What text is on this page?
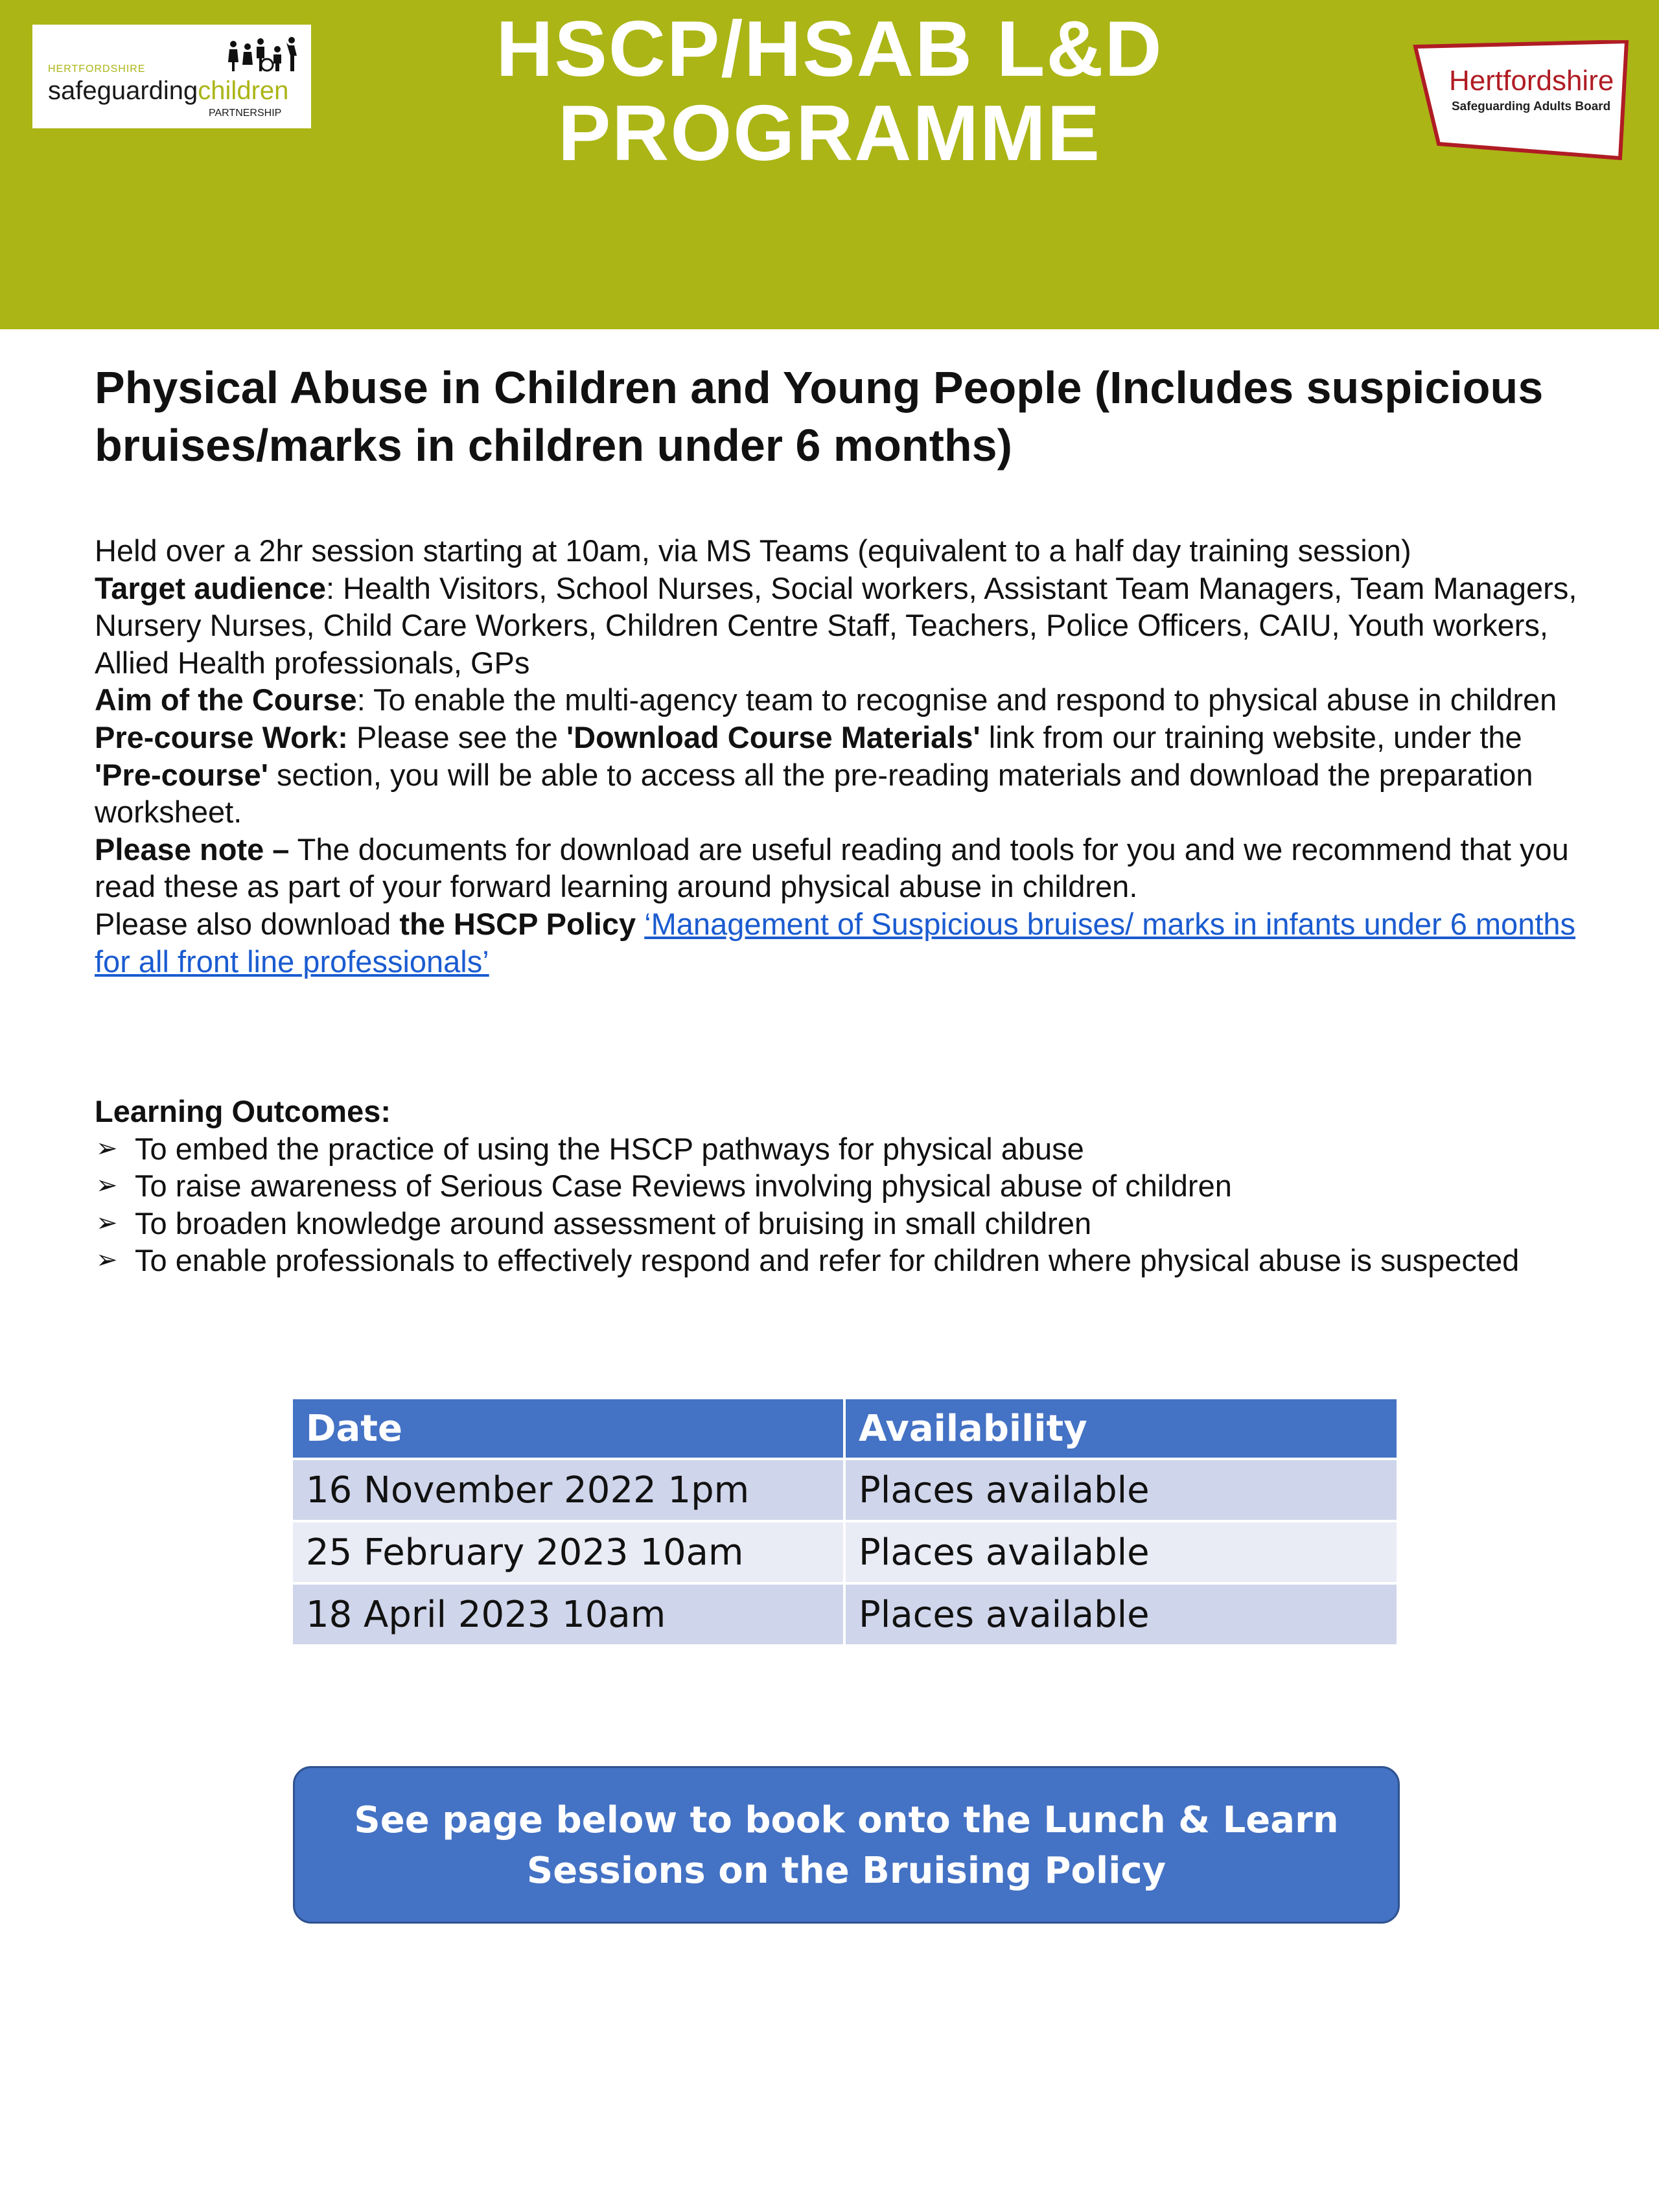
HERTFORDSHIRE
safeguardingchildren
PARTNERSHIP
HSCP/HSAB L&D
PROGRAMME
Hertfordshire
Safeguarding Adults Board
Physical Abuse in Children and Young People (Includes suspicious bruises/marks in children under 6 months)

Held over a 2hr session starting at 10am, via MS Teams (equivalent to a half day training session)

Target audience: Health Visitors, School Nurses, Social workers, Assistant Team Managers, Team Managers, Nursery Nurses, Child Care Workers, Children Centre Staff, Teachers, Police Officers, CAIU, Youth workers, Allied Health professionals, GPs

Aim of the Course: To enable the multi-agency team to recognise and respond to physical abuse in children

Pre-course Work: Please see the 'Download Course Materials' link from our training website, under the 'Pre-course' section, you will be able to access all the pre-reading materials and download the preparation worksheet.

Please note – The documents for download are useful reading and tools for you and we recommend that you read these as part of your forward learning around physical abuse in children.

Please also download the HSCP Policy ‘Management of Suspicious bruises/ marks in infants under 6 months for all front line professionals’

Learning Outcomes:
➢ To embed the practice of using the HSCP pathways for physical abuse
➢ To raise awareness of Serious Case Reviews involving physical abuse of children
➢ To broaden knowledge around assessment of bruising in small children
➢ To enable professionals to effectively respond and refer for children where physical abuse is suspected
Date	Availability
16 November 2022 1pm	Places available
25 February 2023 10am	Places available
18 April 2023 10am	Places available
See page below to book onto the Lunch & Learn
Sessions on the Bruising Policy
